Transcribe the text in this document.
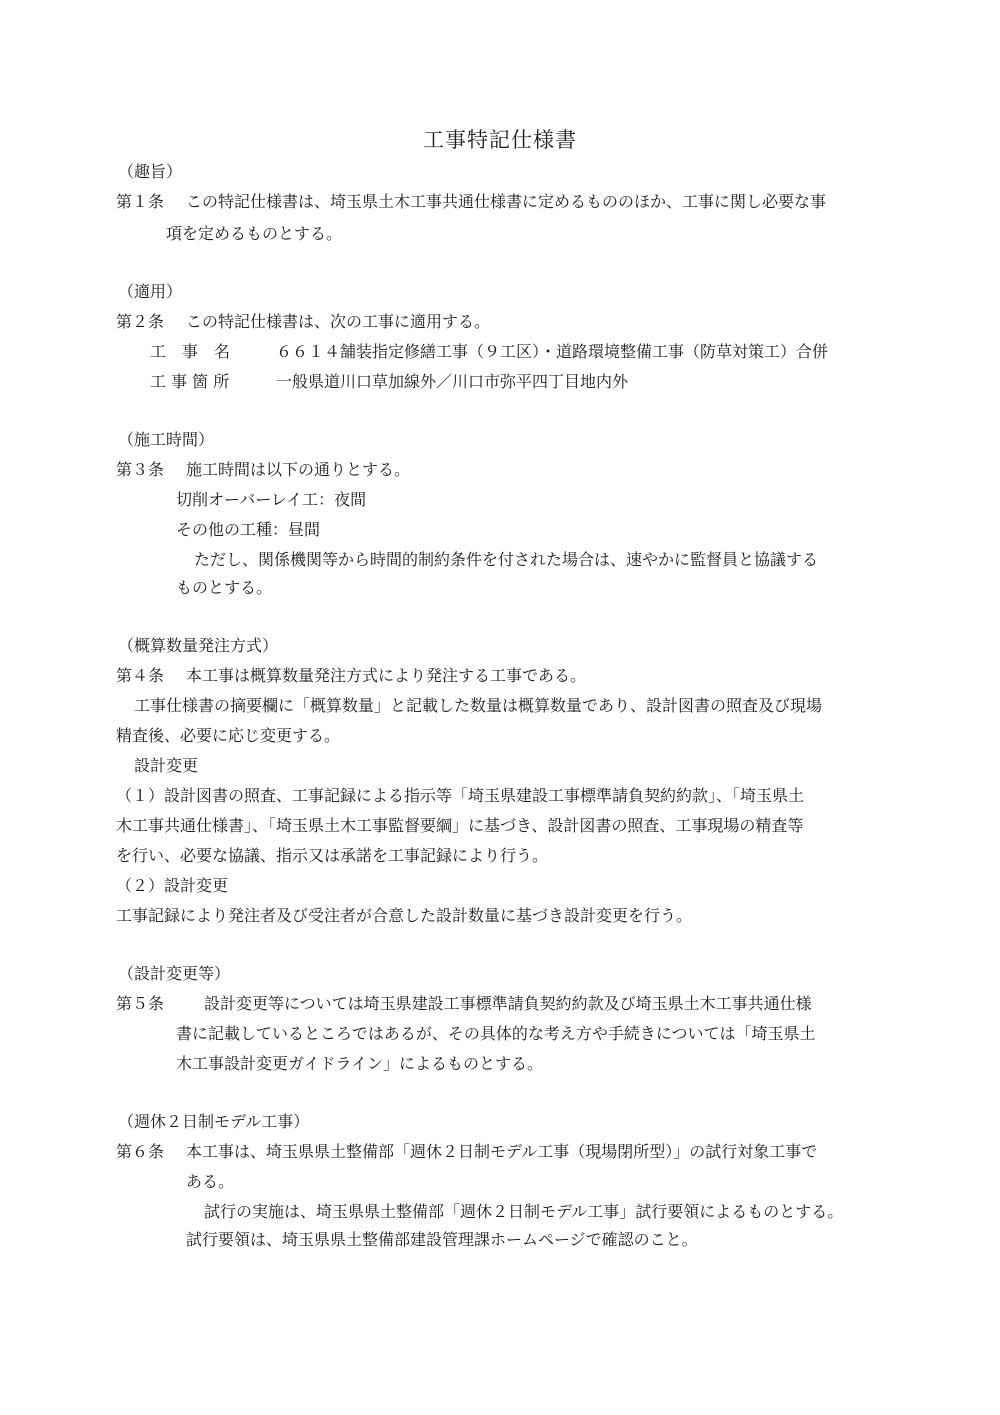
工事特記仕様書
（趣旨）
第１条 この特記仕様書は、埼玉県土木工事共通仕様書に定めるもののほか、工事に関し必要な事
項を定めるものとする。
（適用）
第２条 この特記仕様書は、次の工事に適用する。
工　事　名	６６１４舗装指定修繕工事（９工区）・道路環境整備工事（防草対策工）合併
工 事 箇 所	一般県道川口草加線外／川口市弥平四丁目地内外
（施工時間）
第３条 施工時間は以下の通りとする。
切削オーバーレイ工：夜間
その他の工種：昼間
ただし、関係機関等から時間的制約条件を付された場合は、速やかに監督員と協議する
ものとする。
（概算数量発注方式）
第４条 本工事は概算数量発注方式により発注する工事である。
工事仕様書の摘要欄に「概算数量」と記載した数量は概算数量であり、設計図書の照査及び現場
精査後、必要に応じ変更する。
設計変更
（１）設計図書の照査、工事記録による指示等「埼玉県建設工事標準請負契約約款」、「埼玉県土
木工事共通仕様書」、「埼玉県土木工事監督要綱」に基づき、設計図書の照査、工事現場の精査等
を行い、必要な協議、指示又は承諾を工事記録により行う。
（２）設計変更
工事記録により発注者及び受注者が合意した設計数量に基づき設計変更を行う。
（設計変更等）
第５条 設計変更等については埼玉県建設工事標準請負契約約款及び埼玉県土木工事共通仕様
書に記載しているところではあるが、その具体的な考え方や手続きについては「埼玉県土
木工事設計変更ガイドライン」によるものとする。
（週休２日制モデル工事）
第６条 本工事は、埼玉県県土整備部「週休２日制モデル工事（現場閉所型）」の試行対象工事で
ある。
試行の実施は、埼玉県県土整備部「週休２日制モデル工事」試行要領によるものとする。
試行要領は、埼玉県県土整備部建設管理課ホームページで確認のこと。
